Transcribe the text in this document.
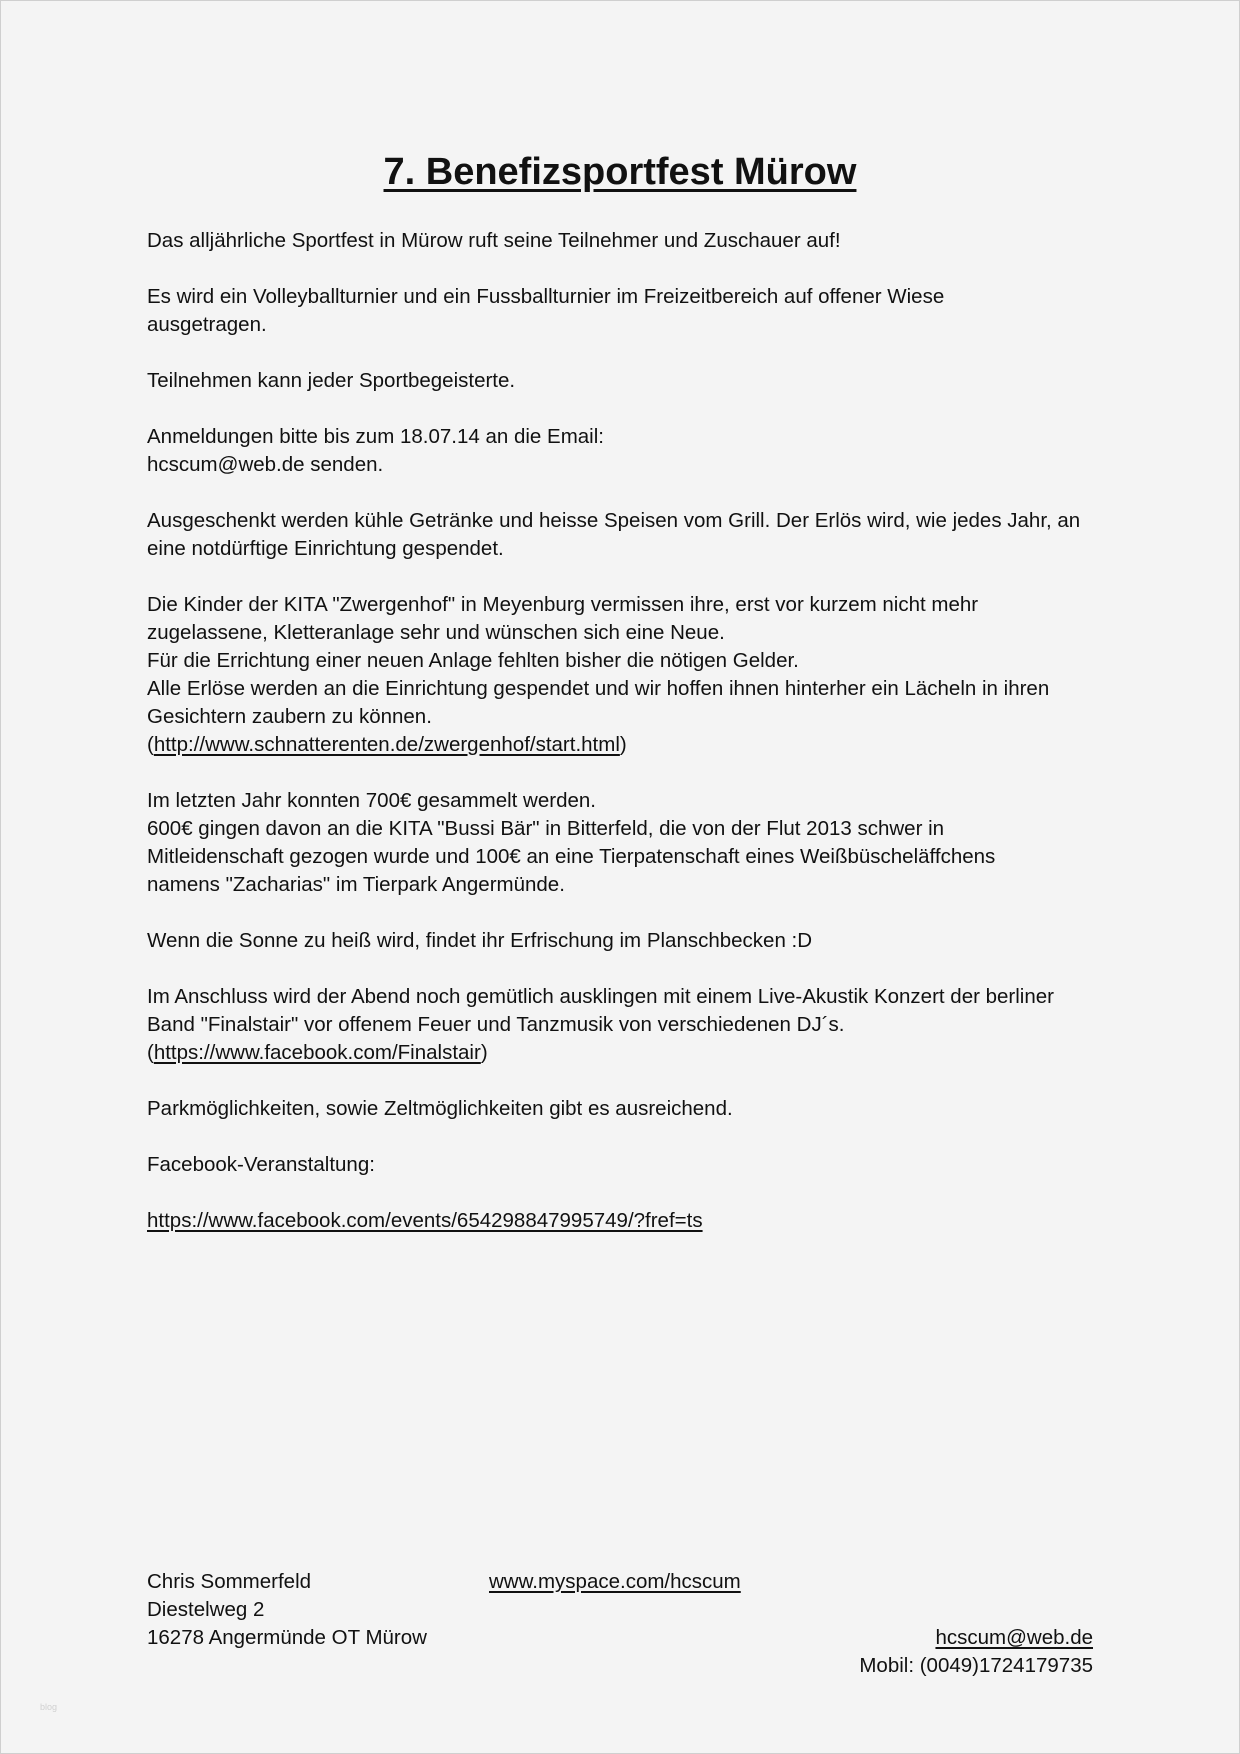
7. Benefizsportfest Mürow
Das alljährliche Sportfest in Mürow ruft seine Teilnehmer und Zuschauer auf!
Es wird ein Volleyballturnier und ein Fussballturnier im Freizeitbereich auf offener Wiese
ausgetragen.
Teilnehmen kann jeder Sportbegeisterte.
Anmeldungen bitte bis zum 18.07.14 an die Email:
hcscum@web.de senden.
Ausgeschenkt werden kühle Getränke und heisse Speisen vom Grill. Der Erlös wird, wie jedes Jahr, an
eine notdürftige Einrichtung gespendet.
Die Kinder der KITA "Zwergenhof" in Meyenburg vermissen ihre, erst vor kurzem nicht mehr
zugelassene, Kletteranlage sehr und wünschen sich eine Neue.
Für die Errichtung einer neuen Anlage fehlten bisher die nötigen Gelder.
Alle Erlöse werden an die Einrichtung gespendet und wir hoffen ihnen hinterher ein Lächeln in ihren
Gesichtern zaubern zu können.
(http://www.schnatterenten.de/zwergenhof/start.html)
Im letzten Jahr konnten 700€ gesammelt werden.
600€ gingen davon an die KITA "Bussi Bär" in Bitterfeld, die von der Flut 2013 schwer in
Mitleidenschaft gezogen wurde und 100€ an eine Tierpatenschaft eines Weißbüscheläffchens
namens "Zacharias" im Tierpark Angermünde.
Wenn die Sonne zu heiß wird, findet ihr Erfrischung im Planschbecken :D
Im Anschluss wird der Abend noch gemütlich ausklingen mit einem Live-Akustik Konzert der berliner
Band "Finalstair" vor offenem Feuer und Tanzmusik von verschiedenen DJ´s.
(https://www.facebook.com/Finalstair)
Parkmöglichkeiten, sowie Zeltmöglichkeiten gibt es ausreichend.
Facebook-Veranstaltung:
https://www.facebook.com/events/654298847995749/?fref=ts
Chris Sommerfeld
Diestelweg 2
16278 Angermünde OT Mürow
www.myspace.com/hcscum
hcscum@web.de
Mobil: (0049)1724179735
blog
